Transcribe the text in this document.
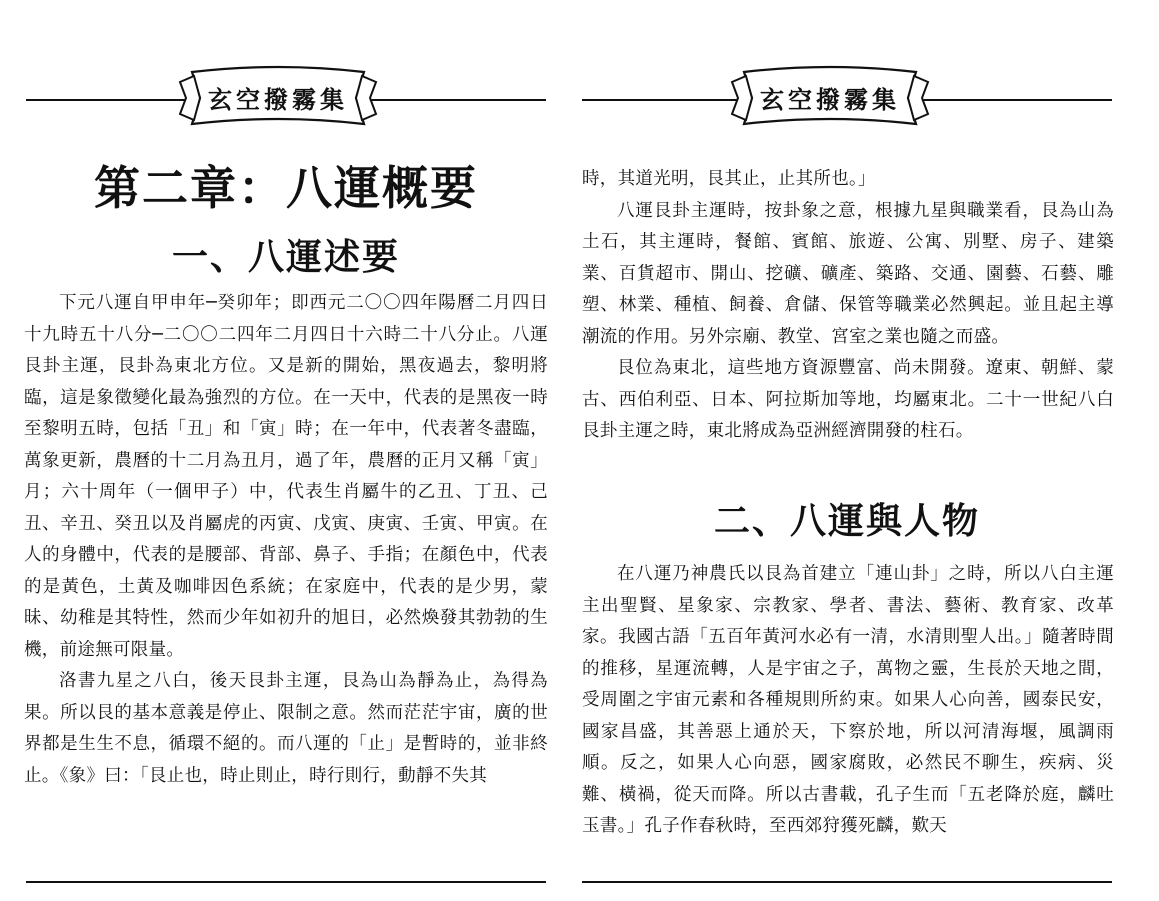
玄空撥霧集
第二章：八運概要
一、八運述要

下元八運自甲申年─癸卯年；即西元二〇〇四年陽曆二月四日十九時五十八分─二〇〇二四年二月四日十六時二十八分止。八運艮卦主運，艮卦為東北方位。又是新的開始，黑夜過去，黎明將臨，這是象徵變化最為強烈的方位。在一天中，代表的是黑夜一時至黎明五時，包括「丑」和「寅」時；在一年中，代表著冬盡臨，萬象更新，農曆的十二月為丑月，過了年，農曆的正月又稱「寅」月；六十周年（一個甲子）中，代表生肖屬牛的乙丑、丁丑、己丑、辛丑、癸丑以及肖屬虎的丙寅、戊寅、庚寅、壬寅、甲寅。在人的身體中，代表的是腰部、背部、鼻子、手指；在顏色中，代表的是黃色，土黃及咖啡因色系統；在家庭中，代表的是少男，蒙昧、幼稚是其特性，然而少年如初升的旭日，必然煥發其勃勃的生機，前途無可限量。

洛書九星之八白，後天艮卦主運，艮為山為靜為止，為得為果。所以艮的基本意義是停止、限制之意。然而茫茫宇宙，廣的世界都是生生不息，循環不絕的。而八運的「止」是暫時的，並非終止。《象》曰：「艮止也，時止則止，時行則行，動靜不失其

玄空撥霧集

時，其道光明，艮其止，止其所也。」

八運艮卦主運時，按卦象之意，根據九星與職業看，艮為山為土石，其主運時，餐館、賓館、旅遊、公寓、別墅、房子、建築業、百貨超市、開山、挖礦、礦產、築路、交通、園藝、石藝、雕塑、林業、種植、飼養、倉儲、保管等職業必然興起。並且起主導潮流的作用。另外宗廟、教堂、宮室之業也隨之而盛。

艮位為東北，這些地方資源豐富、尚未開發。遼東、朝鮮、蒙古、西伯利亞、日本、阿拉斯加等地，均屬東北。二十一世紀八白艮卦主運之時，東北將成為亞洲經濟開發的柱石。

二、八運與人物

在八運乃神農氏以艮為首建立「連山卦」之時，所以八白主運主出聖賢、星象家、宗教家、學者、書法、藝術、教育家、改革家。我國古語「五百年黃河水必有一清，水清則聖人出。」隨著時間的推移，星運流轉，人是宇宙之子，萬物之靈，生長於天地之間，受周圍之宇宙元素和各種規則所約束。如果人心向善，國泰民安，國家昌盛，其善惡上通於天，下察於地，所以河清海堰，風調雨順。反之，如果人心向惡，國家腐敗，必然民不聊生，疾病、災難、橫禍，從天而降。所以古書載，孔子生而「五老降於庭，麟吐玉書。」孔子作春秋時，至西郊狩獲死麟，歎天
